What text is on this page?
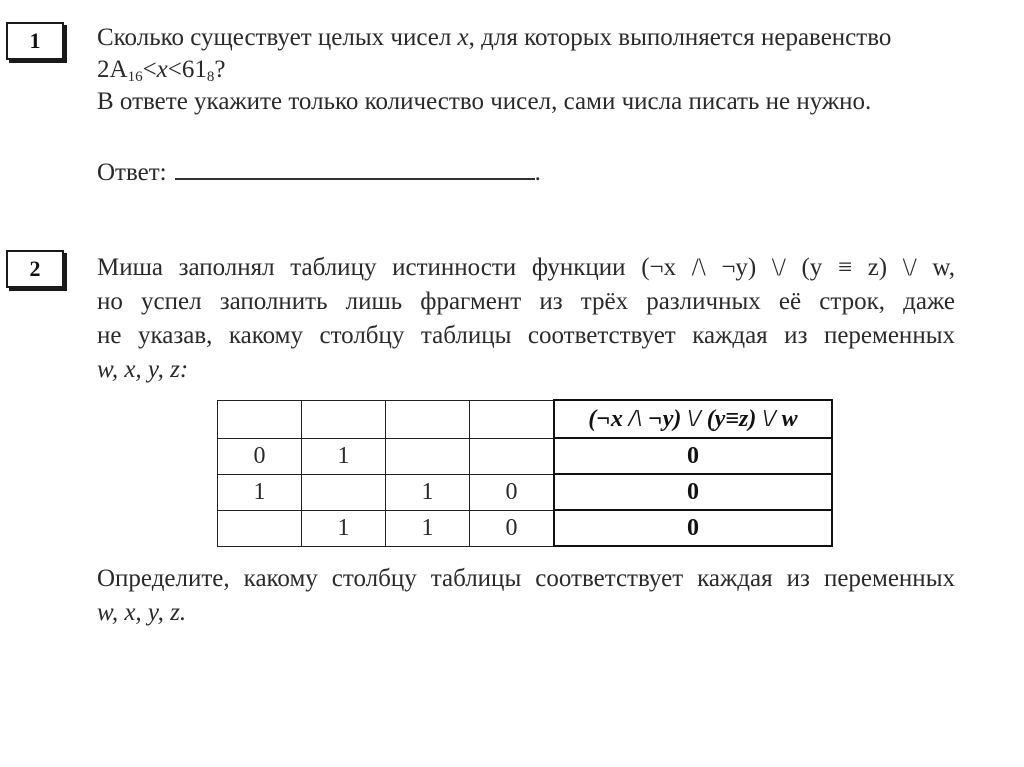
1	Сколько существует целых чисел x, для которых выполняется неравенство
$2A_{16}<x<61_8$?
В ответе укажите только количество чисел, сами числа писать не нужно.
Ответ:	.
2	Миша заполнял таблицу истинности функции (¬x /\ ¬y) \/ (y ≡ z) \/ w,
но успел заполнить лишь фрагмент из трёх различных её строк, даже
не указав, какому столбцу таблицы соответствует каждая из переменных
w, x, y, z:
				(¬x /\ ¬y) \/ (y≡z) \/ w
0	1			0
1		1	0	0
	1	1	0	0
Определите, какому столбцу таблицы соответствует каждая из переменных
w, x, y, z.
